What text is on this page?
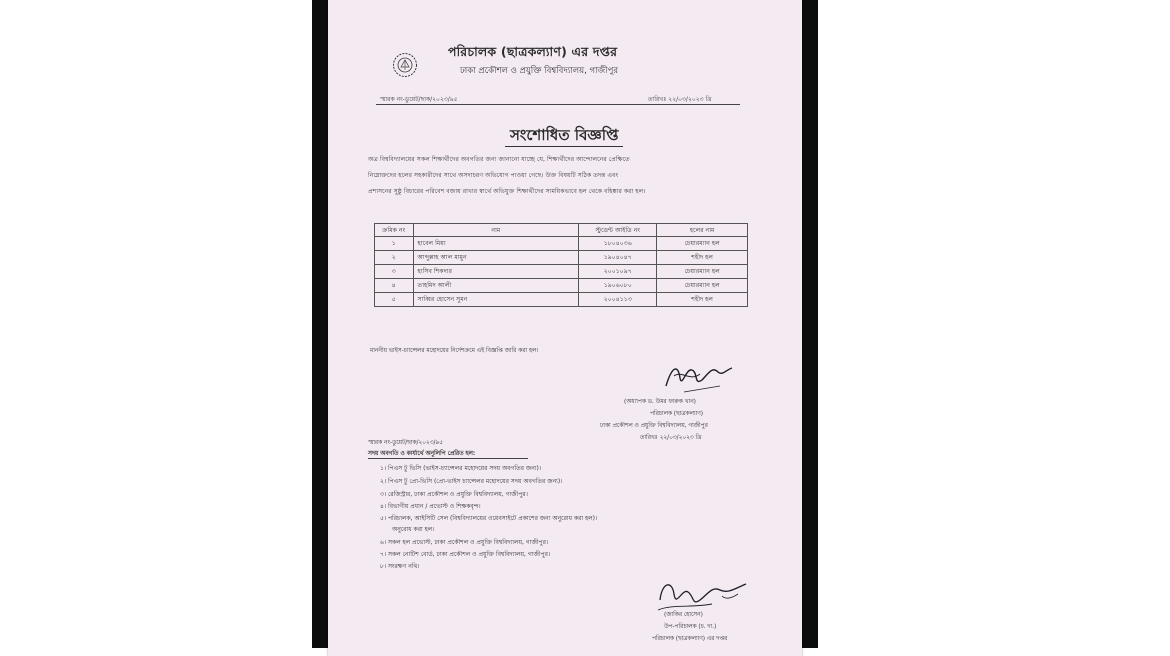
পরিচালক (ছাত্রকল্যাণ) এর দপ্তর
ঢাকা প্রকৌশল ও প্রযুক্তি বিশ্ববিদ্যালয়, গাজীপুর
স্মারক নং-ডুয়েট/ছাক/২০২৩/৯৫	তারিখঃ ২২/০৩/২০২৩ খ্রি
সংশোধিত বিজ্ঞপ্তি
অত্র বিশ্ববিদ্যালয়ের সকল শিক্ষার্থীদের অবগতির জন্য জানানো যাচ্ছে যে, শিক্ষার্থীদের আন্দোলনের প্রেক্ষিতে
নিম্নোক্তদের হলের সহকারীদের সাথে অসদাচরণ অভিযোগ পাওয়া গেছে। উক্ত বিষয়টি সঠিক তদন্ত এবং
প্রশাসনের সুষ্ঠু বিচারের পরিবেশ বজায় রাখার স্বার্থে অভিযুক্ত শিক্ষার্থীদের সাময়িকভাবে হল থেকে বহিষ্কার করা হল।
ক্রমিক নং	নাম	স্টুডেন্ট আইডি নং	হলের নাম
১	হাবেল মিয়া	১৮০৪০৩৬	চেয়ারম্যান হল
২	আব্দুল্লাহ আল মামুন	১৯০৪০৪৭	শহীদ হল
৩	হাসিব শিকদার	২০০১০৯৭	চেয়ারম্যান হল
৪	তাহমিদ আলী	১৯০৬০৮০	চেয়ারম্যান হল
৫	সাব্বির হোসেন সুমন	২০০৪১১৩	শহীদ হল
মাননীয় ভাইস-চ্যান্সেলর মহোদয়ের নির্দেশক্রমে এই বিজ্ঞপ্তি জারি করা হল।
(অধ্যাপক ড. উমর ফারুক খান)
পরিচালক (ছাত্রকল্যাণ)
ঢাকা প্রকৌশল ও প্রযুক্তি বিশ্ববিদ্যালয়, গাজীপুর
তারিখঃ ২২/০৩/২০২৩ খ্রি
স্মারক নং-ডুয়েট/ছাক/২০২৩/৯৫
সদয় অবগতি ও কার্যার্থে অনুলিপি প্রেরিত হল:
১। পিএস টু ভিসি (ভাইস-চ্যান্সেলর মহোদয়ের সদয় অবগতির জন্য)।
২। পিএস টু প্রো-ভিসি (প্রো-ভাইস চ্যান্সেলর মহোদয়ের সদয় অবগতির জন্য)।
৩। রেজিস্ট্রার, ঢাকা প্রকৌশল ও প্রযুক্তি বিশ্ববিদ্যালয়, গাজীপুর।
৪। বিভাগীয় প্রধান / প্রভোস্ট ও শিক্ষকবৃন্দ।
৫। পরিচালক, আইসিটি সেল (বিশ্ববিদ্যালয়ের ওয়েবসাইটে প্রকাশের জন্য অনুরোধ করা হল)।
অনুরোধ করা হল।
৬। সকল হল প্রভোস্ট, ঢাকা প্রকৌশল ও প্রযুক্তি বিশ্ববিদ্যালয়, গাজীপুর।
৭। সকল নোটিশ বোর্ড, ঢাকা প্রকৌশল ও প্রযুক্তি বিশ্ববিদ্যালয়, গাজীপুর।
৮। সংরক্ষণ নথি।
(জাকির হোসেন)
উপ-পরিচালক (চ. দা.)
পরিচালক (ছাত্রকল্যাণ) এর দপ্তর
